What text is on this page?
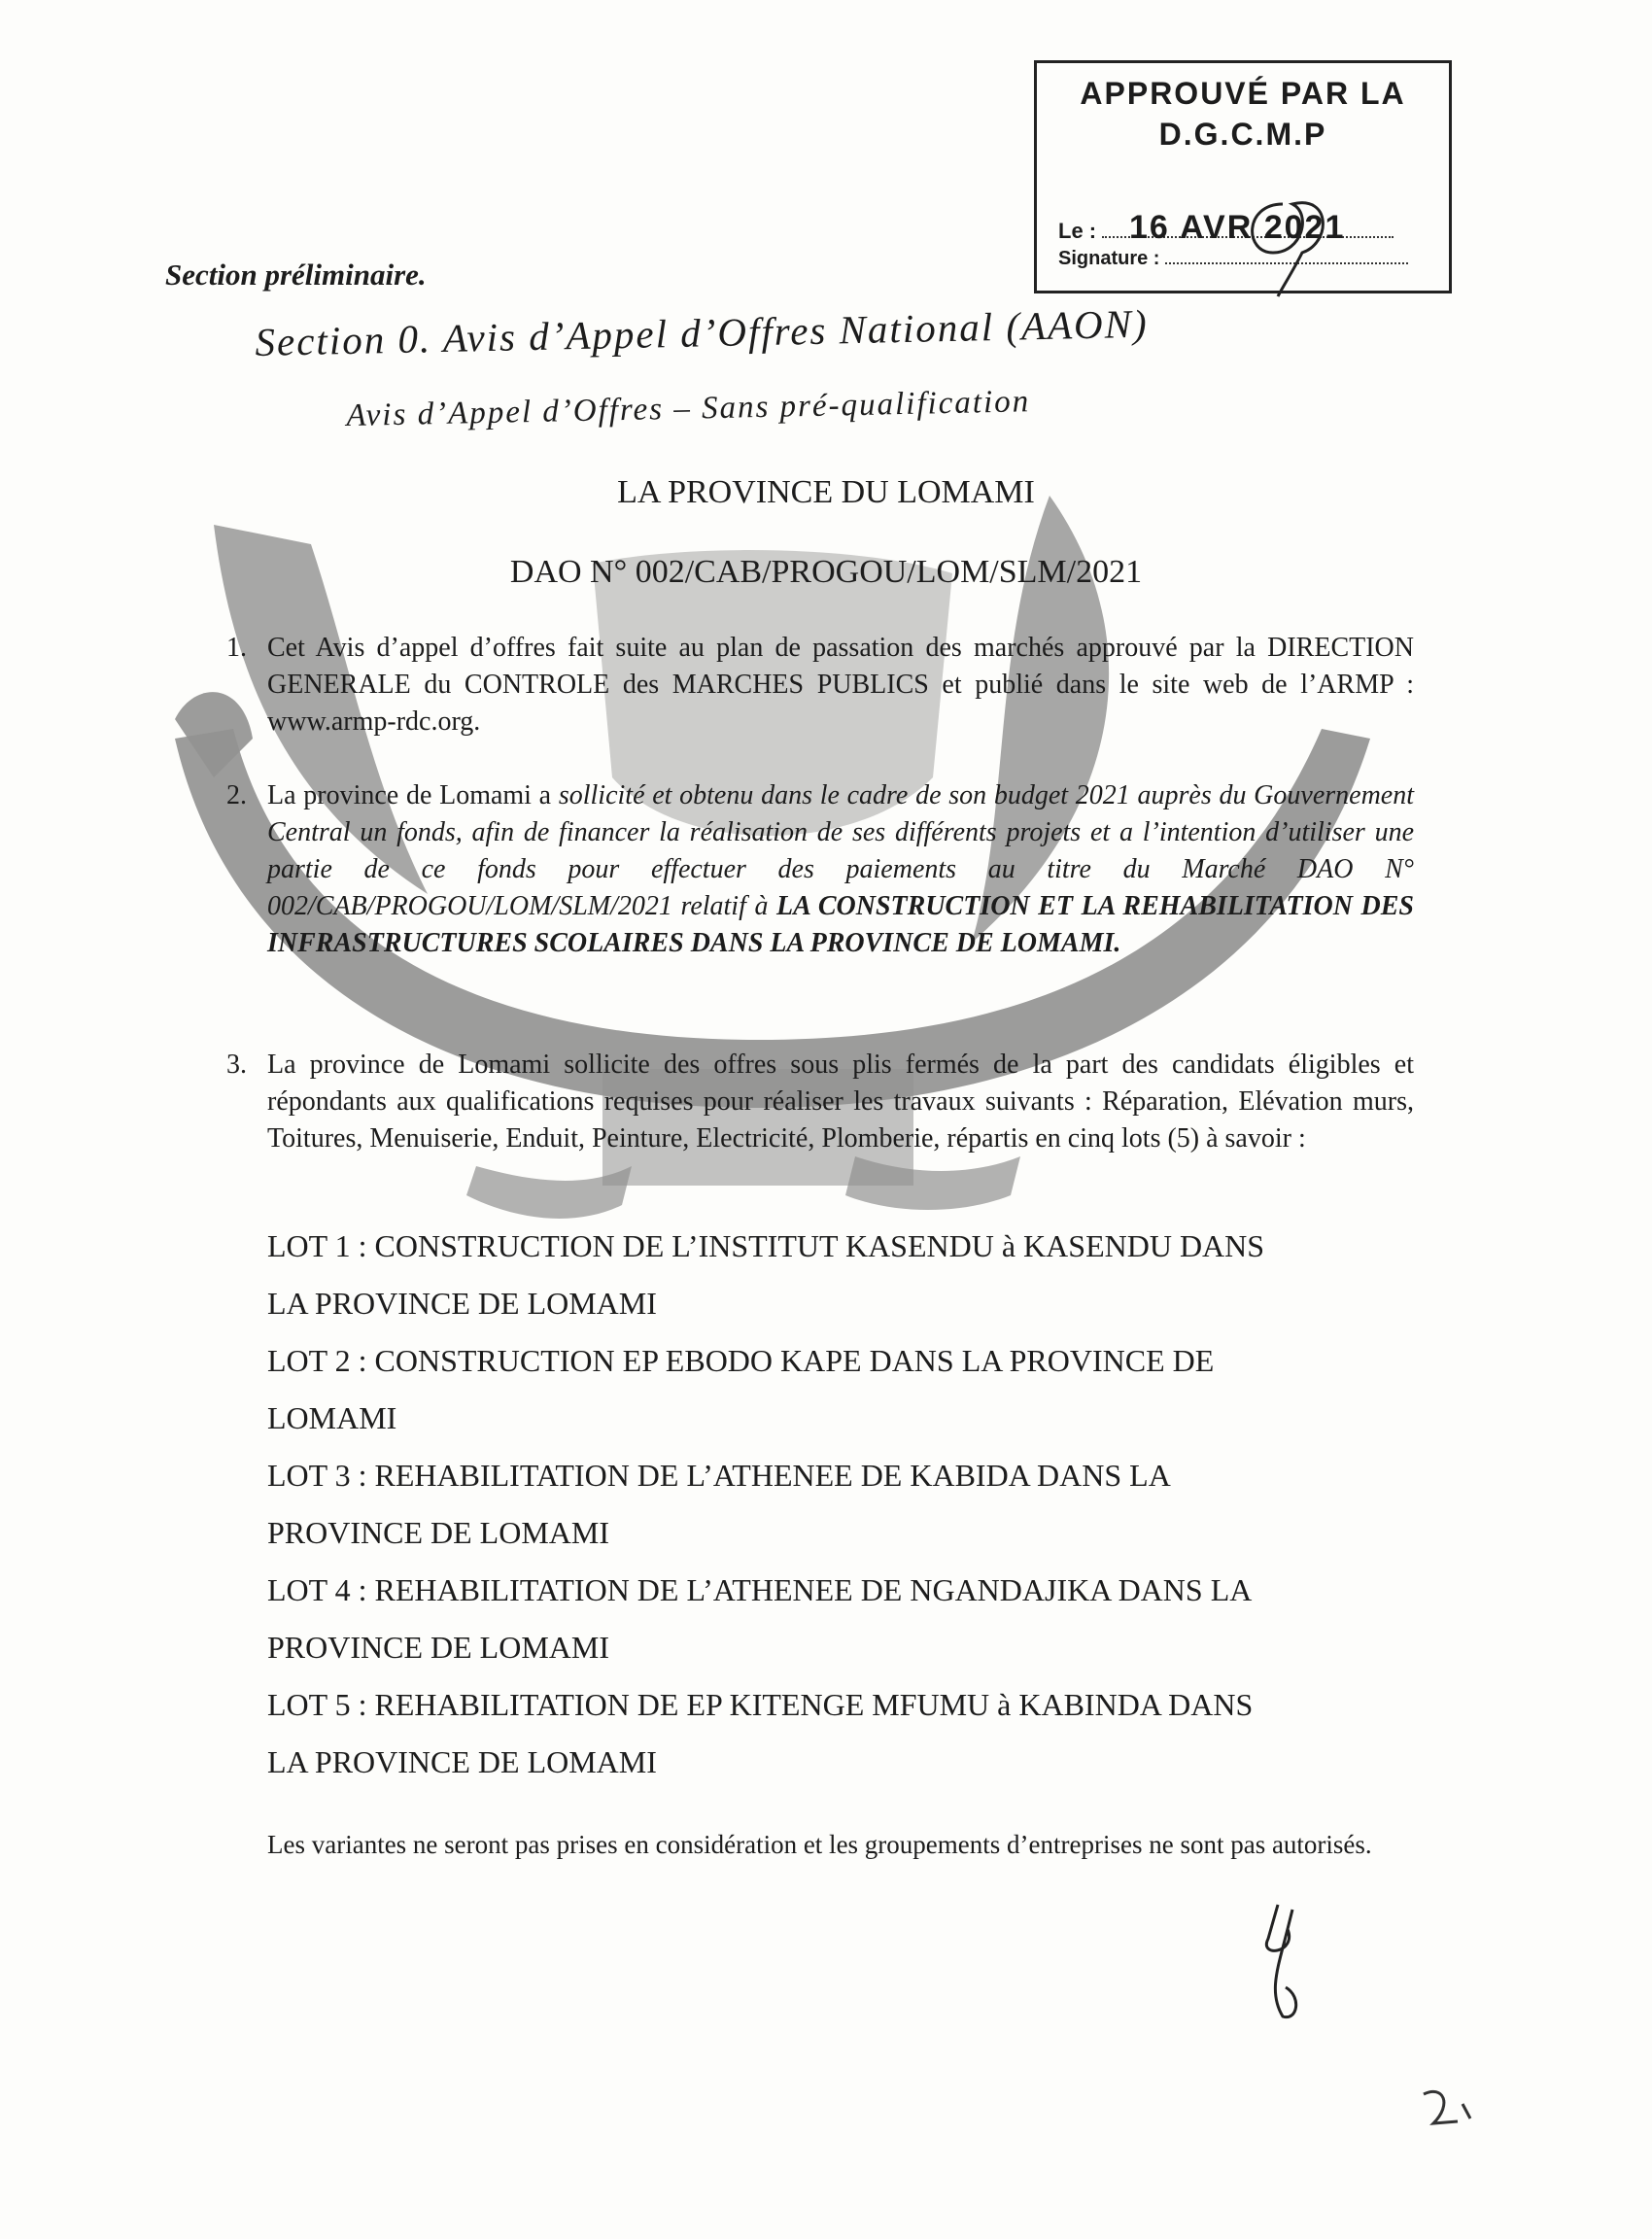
APPROUVÉ PAR LA
D.G.C.M.P
Le : 16 AVR 2021
Signature :
Section préliminaire.
Section 0. Avis d’Appel d’Offres National (AAON)
Avis d’Appel d’Offres – Sans pré-qualification
LA PROVINCE DU LOMAMI
DAO N° 002/CAB/PROGOU/LOM/SLM/2021
1. Cet Avis d’appel d’offres fait suite au plan de passation des marchés approuvé par la DIRECTION GENERALE du CONTROLE des MARCHES PUBLICS et publié dans le site web de l’ARMP : www.armp-rdc.org.
2. La province de Lomami a sollicité et obtenu dans le cadre de son budget 2021 auprès du Gouvernement Central un fonds, afin de financer la réalisation de ses différents projets et a l’intention d’utiliser une partie de ce fonds pour effectuer des paiements au titre du Marché DAO N° 002/CAB/PROGOU/LOM/SLM/2021 relatif à LA CONSTRUCTION ET LA REHABILITATION DES INFRASTRUCTURES SCOLAIRES DANS LA PROVINCE DE LOMAMI.
3. La province de Lomami sollicite des offres sous plis fermés de la part des candidats éligibles et répondants aux qualifications requises pour réaliser les travaux suivants : Réparation, Elévation murs, Toitures, Menuiserie, Enduit, Peinture, Electricité, Plomberie, répartis en cinq lots (5) à savoir :
LOT 1 : CONSTRUCTION DE L’INSTITUT KASENDU à KASENDU DANS
LA PROVINCE DE LOMAMI
LOT 2 : CONSTRUCTION EP EBODO KAPE DANS LA PROVINCE DE
LOMAMI
LOT 3 : REHABILITATION DE L’ATHENEE DE KABIDA DANS LA
PROVINCE DE LOMAMI
LOT 4 : REHABILITATION DE L’ATHENEE DE NGANDAJIKA DANS LA
PROVINCE DE LOMAMI
LOT 5 : REHABILITATION DE EP KITENGE MFUMU à KABINDA DANS
LA PROVINCE DE LOMAMI
Les variantes ne seront pas prises en considération et les groupements d’entreprises ne sont pas autorisés.
